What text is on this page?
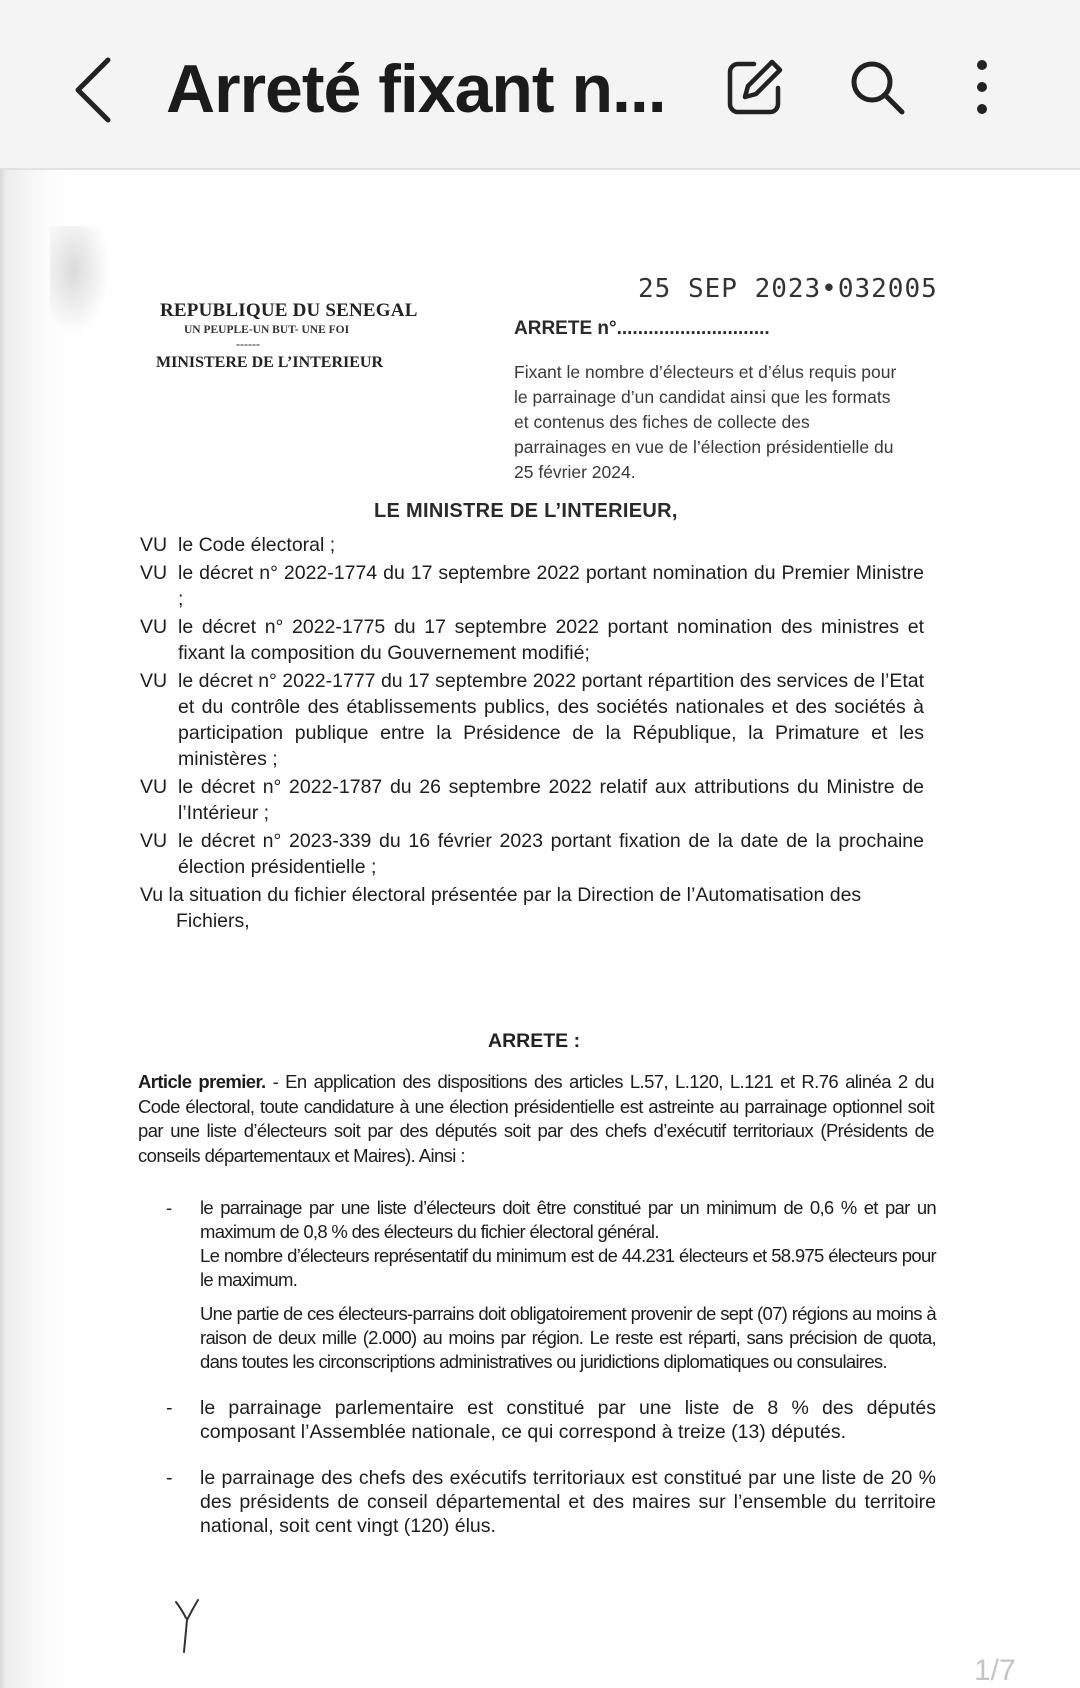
Arreté fixant n...
REPUBLIQUE DU SENEGAL
UN PEUPLE-UN BUT- UNE FOI
------
MINISTERE DE L’INTERIEUR
25 SEP 2023•032005
ARRETE n°.............................
Fixant le nombre d’électeurs et d’élus requis pour le parrainage d’un candidat ainsi que les formats et contenus des fiches de collecte des parrainages en vue de l’élection présidentielle du 25 février 2024.
LE MINISTRE DE L’INTERIEUR,
VU le Code électoral ;
VU le décret n° 2022-1774 du 17 septembre 2022 portant nomination du Premier Ministre ;
VU le décret n° 2022-1775 du 17 septembre 2022 portant nomination des ministres et fixant la composition du Gouvernement modifié;
VU le décret n° 2022-1777 du 17 septembre 2022 portant répartition des services de l’Etat et du contrôle des établissements publics, des sociétés nationales et des sociétés à participation publique entre la Présidence de la République, la Primature et les ministères ;
VU le décret n° 2022-1787 du 26 septembre 2022 relatif aux attributions du Ministre de l’Intérieur ;
VU le décret n° 2023-339 du 16 février 2023 portant fixation de la date de la prochaine élection présidentielle ;
Vu la situation du fichier électoral présentée par la Direction de l’Automatisation des
Fichiers,
ARRETE :
Article premier. - En application des dispositions des articles L.57, L.120, L.121 et R.76 alinéa 2 du Code électoral, toute candidature à une élection présidentielle est astreinte au parrainage optionnel soit par une liste d’électeurs soit par des députés soit par des chefs d’exécutif territoriaux (Présidents de conseils départementaux et Maires). Ainsi :
-	le parrainage par une liste d’électeurs doit être constitué par un minimum de 0,6 % et par un maximum de 0,8 % des électeurs du fichier électoral général.

Le nombre d’électeurs représentatif du minimum est de 44.231 électeurs et 58.975 électeurs pour le maximum.

Une partie de ces électeurs-parrains doit obligatoirement provenir de sept (07) régions au moins à raison de deux mille (2.000) au moins par région. Le reste est réparti, sans précision de quota, dans toutes les circonscriptions administratives ou juridictions diplomatiques ou consulaires.

-	le parrainage parlementaire est constitué par une liste de 8 % des députés composant l’Assemblée nationale, ce qui correspond à treize (13) députés.

-	le parrainage des chefs des exécutifs territoriaux est constitué par une liste de 20 % des présidents de conseil départemental et des maires sur l’ensemble du territoire national, soit cent vingt (120) élus.

1/7
